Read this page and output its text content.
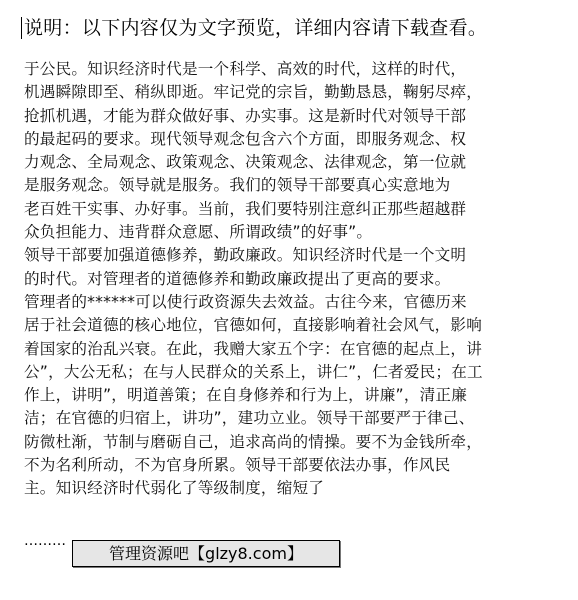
说明：以下内容仅为文字预览，详细内容请下载查看。
于公民。知识经济时代是一个科学、高效的时代，这样的时代，
机遇瞬隙即至、稍纵即逝。牢记党的宗旨，勤勤恳恳，鞠躬尽瘁，
抢抓机遇，才能为群众做好事、办实事。这是新时代对领导干部
的最起码的要求。现代领导观念包含六个方面，即服务观念、权
力观念、全局观念、政策观念、决策观念、法律观念，第一位就
是服务观念。领导就是服务。我们的领导干部要真心实意地为
老百姓干实事、办好事。当前，我们要特别注意纠正那些超越群
众负担能力、违背群众意愿、所谓政绩”的好事”。
领导干部要加强道德修养，勤政廉政。知识经济时代是一个文明
的时代。对管理者的道德修养和勤政廉政提出了更高的要求。
管理者的******可以使行政资源失去效益。古往今来，官德历来
居于社会道德的核心地位，官德如何，直接影响着社会风气，影响
着国家的治乱兴衰。在此，我赠大家五个字：在官德的起点上，讲
公”，大公无私；在与人民群众的关系上，讲仁”，仁者爱民；在工
作上，讲明”，明道善策；在自身修养和行为上，讲廉”，清正廉
洁；在官德的归宿上，讲功”，建功立业。领导干部要严于律己、
防微杜渐，节制与磨砺自己，追求高尚的情操。要不为金钱所牵，
不为名利所动，不为官身所累。领导干部要依法办事，作风民
主。知识经济时代弱化了等级制度，缩短了
………
管理资源吧【glzy8.com】
